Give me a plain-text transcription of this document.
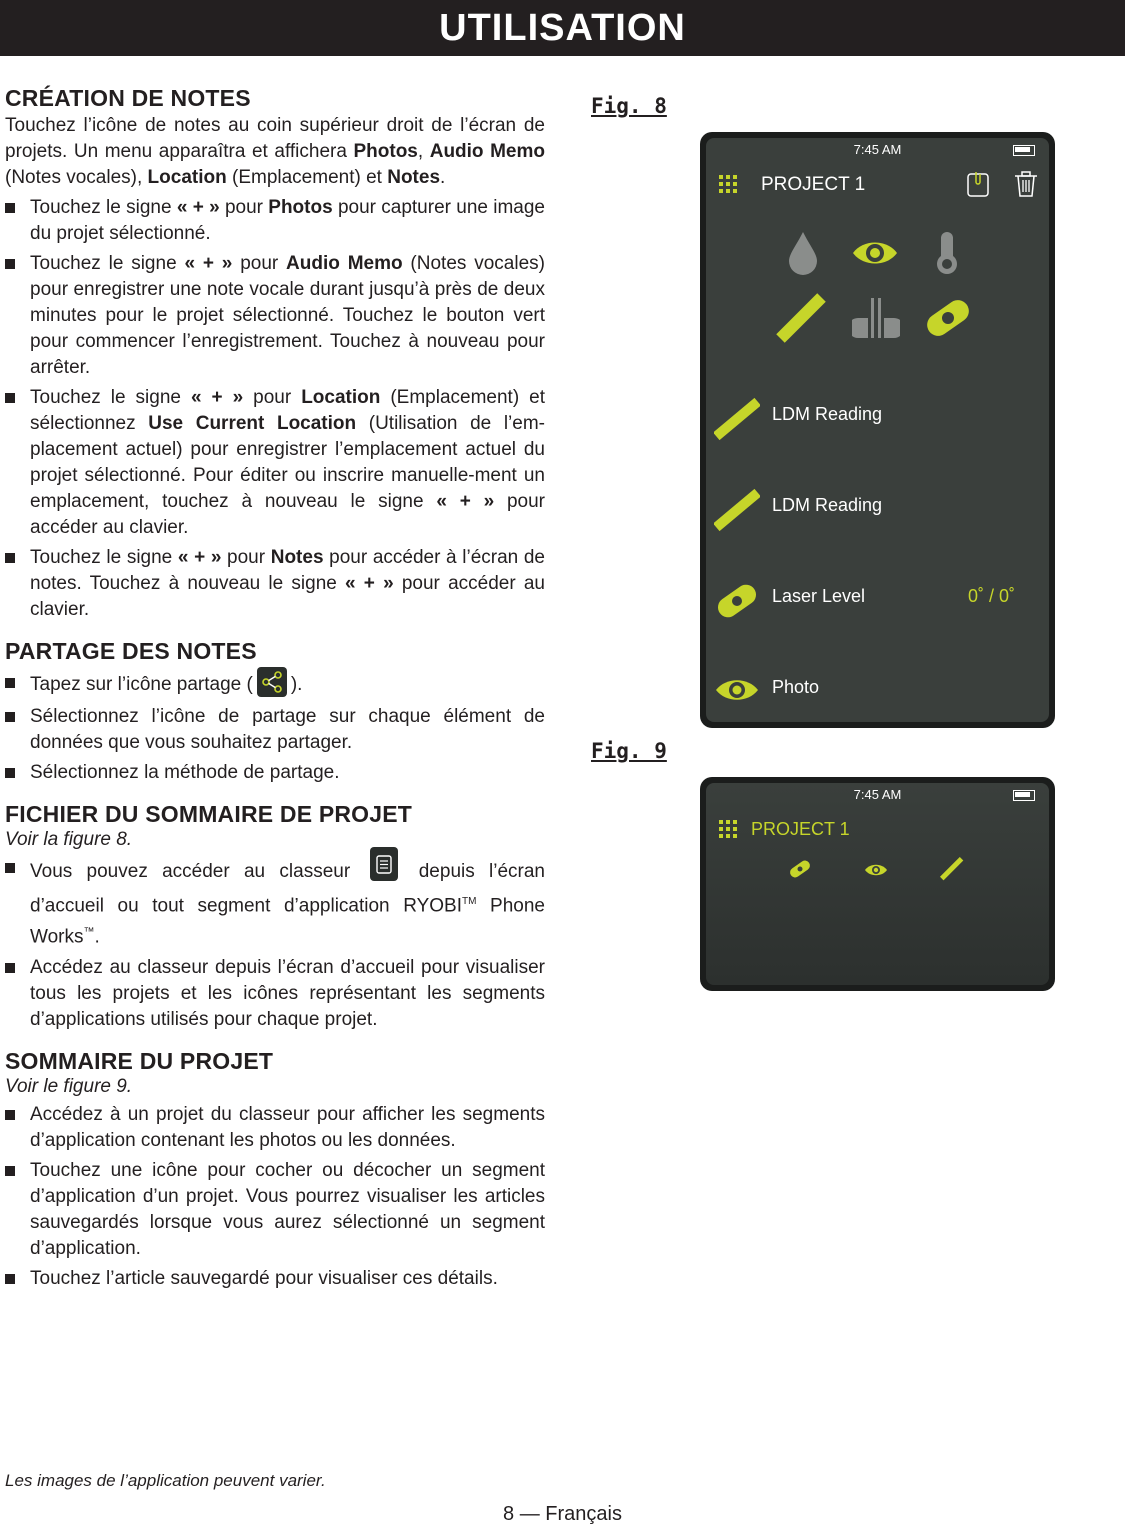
UTILISATION
CRÉATION DE NOTES

Touchez l’icône de notes au coin supérieur droit de l’écran de projets. Un menu apparaîtra et affichera Photos, Audio Memo (Notes vocales), Location (Emplacement) et Notes.

Touchez le signe « + » pour Photos pour capturer une image du projet sélectionné.
Touchez le signe « + » pour Audio Memo (Notes vocales) pour enregistrer une note vocale durant jusqu’à près de deux minutes pour le projet sélectionné. Touchez le bouton vert pour commencer l’enregistrement. Touchez à nouveau pour arrêter.
Touchez le signe « + » pour Location (Emplacement) et sélectionnez Use Current Location (Utilisation de l’em-placement actuel) pour enregistrer l’emplacement actuel du projet sélectionné. Pour éditer ou inscrire manuelle-ment un emplacement, touchez à nouveau le signe « + » pour accéder au clavier.
Touchez le signe « + » pour Notes pour accéder à l’écran de notes. Touchez à nouveau le signe « + » pour accéder au clavier.
PARTAGE DES NOTES
Tapez sur l’icône partage ( ).
Sélectionnez l’icône de partage sur chaque élément de données que vous souhaitez partager.
Sélectionnez la méthode de partage.
FICHIER DU SOMMAIRE DE PROJET
Voir la figure 8.
Vous pouvez accéder au classeur  depuis l’écran d’accueil ou tout segment d’application RYOBI™ Phone Works™.
Accédez au classeur depuis l’écran d’accueil pour visualiser tous les projets et les icônes représentant les segments d’applications utilisés pour chaque projet.
SOMMAIRE DU PROJET
Voir le figure 9.
Accédez à un projet du classeur pour afficher les segments d’application contenant les photos ou les données.
Touchez une icône pour cocher ou décocher un segment d’application d’un projet. Vous pourrez visualiser les articles sauvegardés lorsque vous aurez sélectionné un segment d’application.
Touchez l’article sauvegardé pour visualiser ces détails.
Fig. 8
7:45 AM
PROJECT 1
LDM Reading
LDM Reading
Laser Level	0˚ / 0˚
Photo
Fig. 9
7:45 AM
PROJECT 1
Les images de l’application peuvent varier.
8 — Français
